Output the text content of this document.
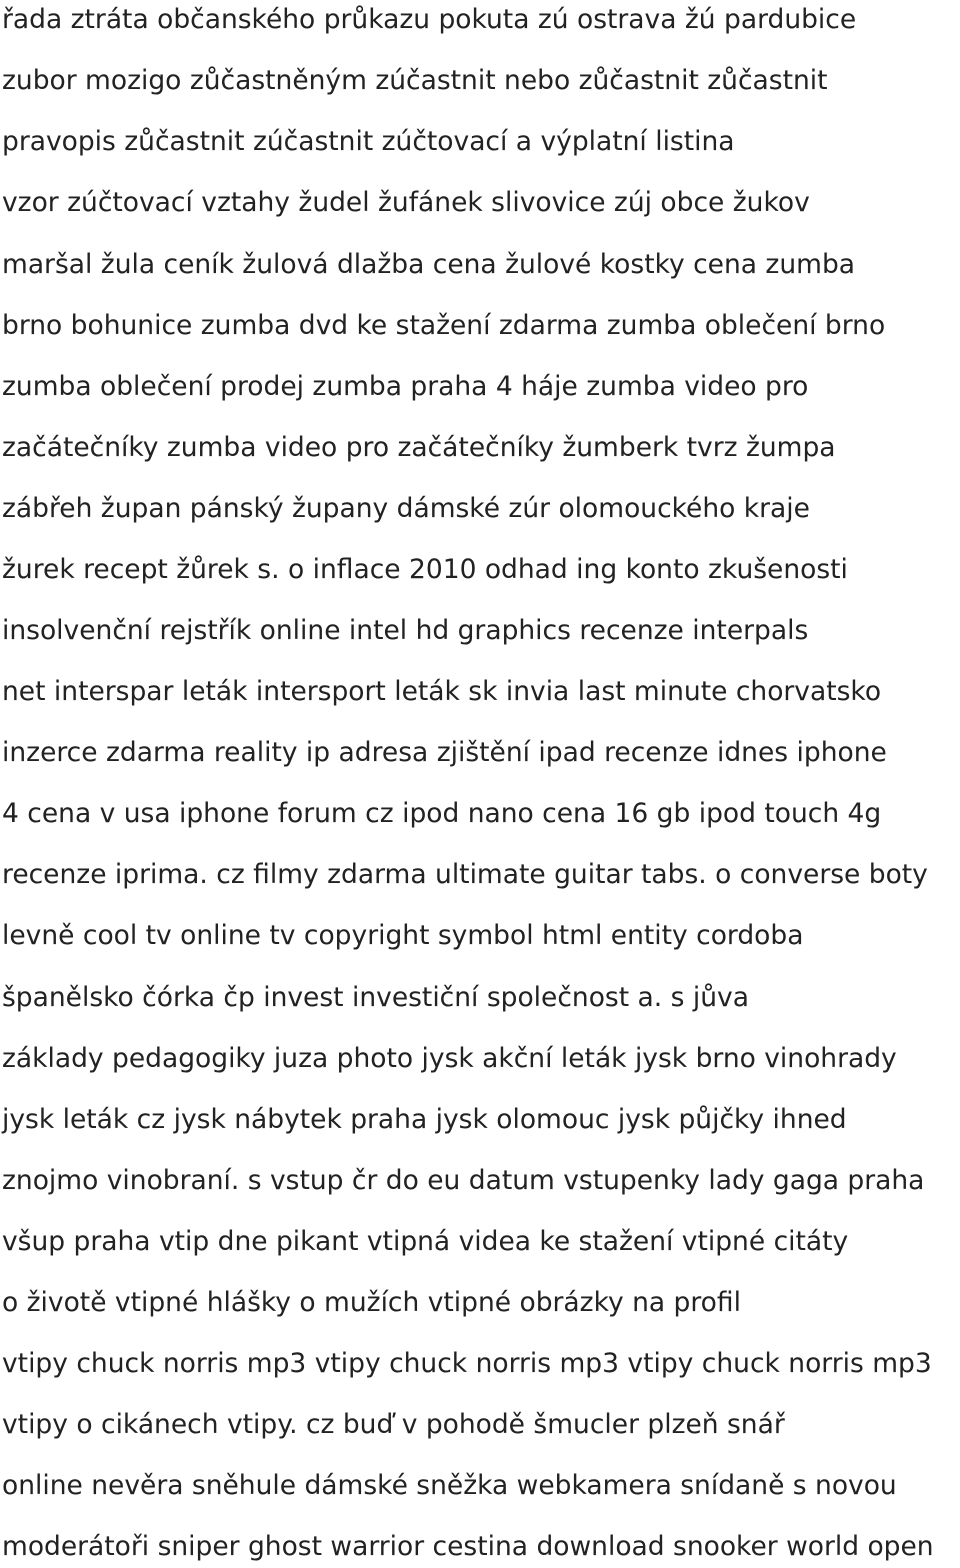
řada ztráta občanského průkazu pokuta zú ostrava žú pardubice
zubor mozigo zůčastněným zúčastnit nebo zůčastnit zůčastnit
pravopis zůčastnit zúčastnit zúčtovací a výplatní listina
vzor zúčtovací vztahy žudel žufánek slivovice zúj obce žukov
maršal žula ceník žulová dlažba cena žulové kostky cena zumba
brno bohunice zumba dvd ke stažení zdarma zumba oblečení brno
zumba oblečení prodej zumba praha 4 háje zumba video pro
začátečníky zumba video pro začátečníky žumberk tvrz žumpa
zábřeh župan pánský župany dámské zúr olomouckého kraje
žurek recept žůrek s. o inflace 2010 odhad ing konto zkušenosti
insolvenční rejstřík online intel hd graphics recenze interpals
net interspar leták intersport leták sk invia last minute chorvatsko
inzerce zdarma reality ip adresa zjištění ipad recenze idnes iphone
4 cena v usa iphone forum cz ipod nano cena 16 gb ipod touch 4g
recenze iprima. cz filmy zdarma ultimate guitar tabs. o converse boty
levně cool tv online tv copyright symbol html entity cordoba
španělsko čórka čp invest investiční společnost a. s jůva
základy pedagogiky juza photo jysk akční leták jysk brno vinohrady
jysk leták cz jysk nábytek praha jysk olomouc jysk půjčky ihned
znojmo vinobraní. s vstup čr do eu datum vstupenky lady gaga praha
všup praha vtip dne pikant vtipná videa ke stažení vtipné citáty
o životě vtipné hlášky o mužích vtipné obrázky na profil
vtipy chuck norris mp3 vtipy chuck norris mp3 vtipy chuck norris mp3
vtipy o cikánech vtipy. cz buď v pohodě šmucler plzeň snář
online nevěra sněhule dámské sněžka webkamera snídaně s novou
moderátoři sniper ghost warrior cestina download snooker world open
